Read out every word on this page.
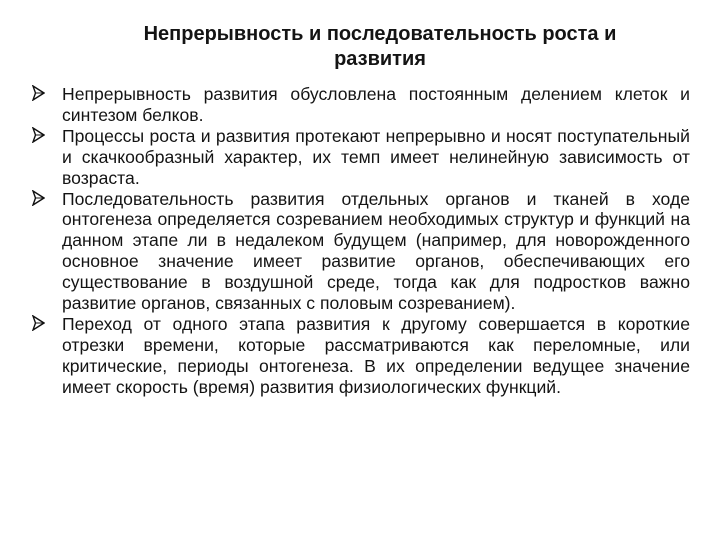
Непрерывность и последовательность роста и
развития
Непрерывность развития обусловлена постоянным делением клеток и синтезом белков.
Процессы роста и развития протекают непрерывно и носят поступательный и скачкообразный характер, их темп имеет нелинейную зависимость от возраста.
Последовательность развития отдельных органов и тканей в ходе онтогенеза определяется созреванием необходимых структур и функций на данном этапе ли в недалеком будущем (например, для новорожденного основное значение имеет развитие органов, обеспечивающих его существование в воздушной среде, тогда как для подростков важно развитие органов, связанных с половым созреванием).
Переход от одного этапа развития к другому совершается в короткие отрезки времени, которые рассматриваются как переломные, или критические, периоды онтогенеза. В их определении ведущее значение имеет скорость (время) развития физиологических функций.
